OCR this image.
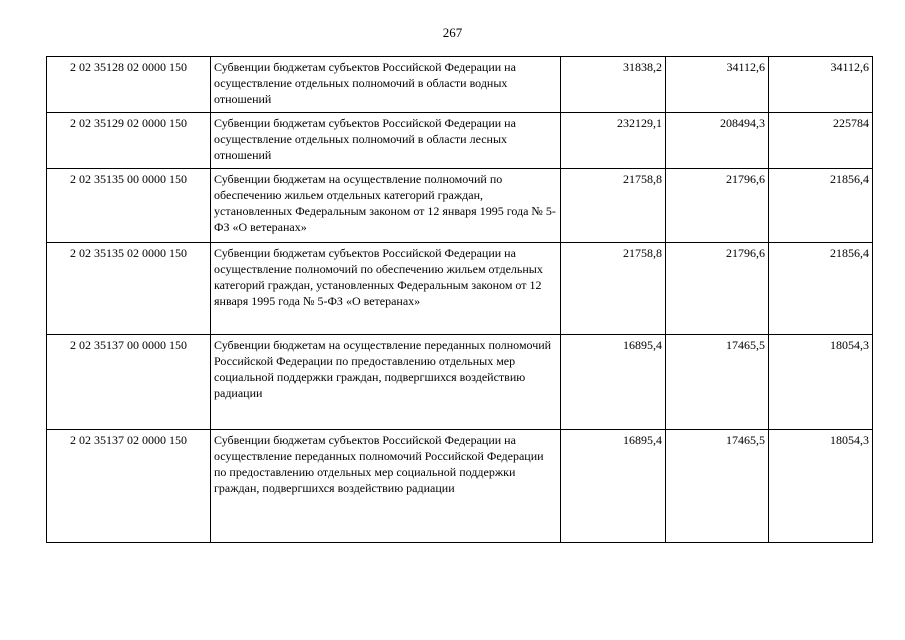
267
2 02 35128 02 0000 150	Субвенции бюджетам субъектов Российской Федерации на осуществление отдельных полномочий в области водных отношений	31838,2	34112,6	34112,6
2 02 35129 02 0000 150	Субвенции бюджетам субъектов Российской Федерации на осуществление отдельных полномочий в области лесных отношений	232129,1	208494,3	225784
2 02 35135 00 0000 150	Субвенции бюджетам на осуществление полномочий по обеспечению жильем отдельных категорий граждан, установленных Федеральным законом от 12 января 1995 года № 5-ФЗ «О ветеранах»	21758,8	21796,6	21856,4
2 02 35135 02 0000 150	Субвенции бюджетам субъектов Российской Федерации на осуществление полномочий по обеспечению жильем отдельных категорий граждан, установленных Федеральным законом от 12 января 1995 года № 5-ФЗ «О ветеранах»	21758,8	21796,6	21856,4
2 02 35137 00 0000 150	Субвенции бюджетам на осуществление переданных полномочий Российской Федерации по предоставлению отдельных мер социальной поддержки граждан, подвергшихся воздействию радиации	16895,4	17465,5	18054,3
2 02 35137 02 0000 150	Субвенции бюджетам субъектов Российской Федерации на осуществление переданных полномочий Российской Федерации по предоставлению отдельных мер социальной поддержки граждан, подвергшихся воздействию радиации	16895,4	17465,5	18054,3
